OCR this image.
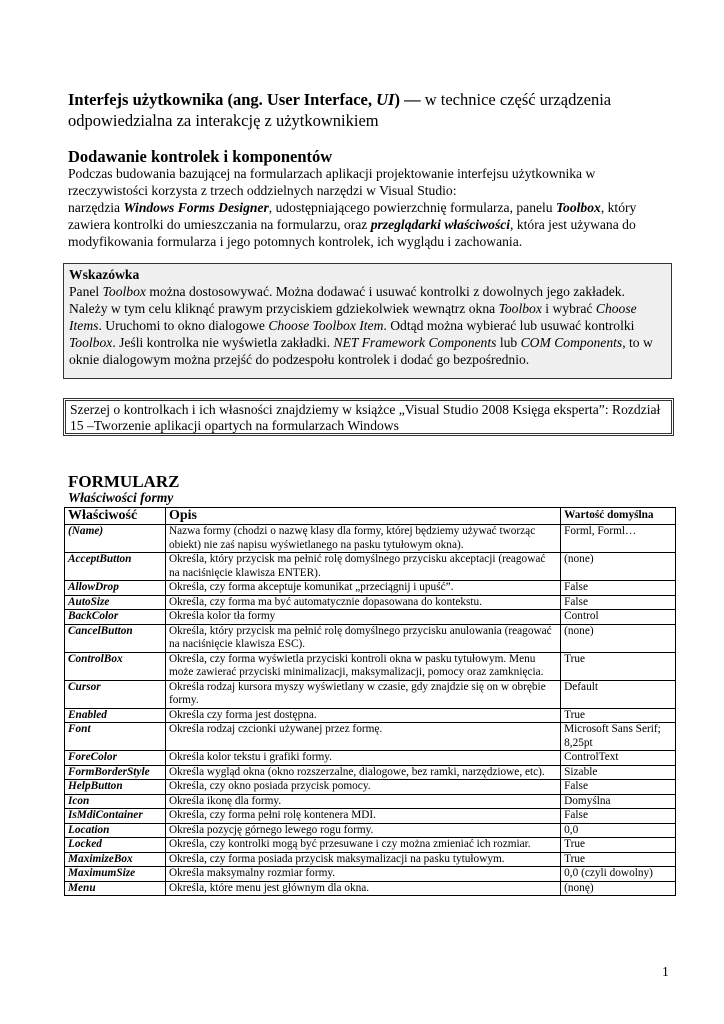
Interfejs użytkownika (ang. User Interface, UI) — w technice część urządzenia odpowiedzialna za interakcję z użytkownikiem
Dodawanie kontrolek i komponentów
Podczas budowania bazującej na formularzach aplikacji projektowanie interfejsu użytkownika w rzeczywistości korzysta z trzech oddzielnych narzędzi w Visual Studio:
narzędzia Windows Forms Designer, udostępniającego powierzchnię formularza, panelu Toolbox, który zawiera kontrolki do umieszczania na formularzu, oraz przeglądarki właściwości, która jest używana do modyfikowania formularza i jego potomnych kontrolek, ich wyglądu i zachowania.
Wskazówka
Panel Toolbox można dostosowywać. Można dodawać i usuwać kontrolki z dowolnych jego zakładek. Należy w tym celu kliknąć prawym przyciskiem gdziekolwiek wewnątrz okna Toolbox i wybrać Choose Items. Uruchomi to okno dialogowe Choose Toolbox Item. Odtąd można wybierać lub usuwać kontrolki Toolbox. Jeśli kontrolka nie wyświetla zakładki. NET Framework Components lub COM Components, to w oknie dialogowym można przejść do podzespołu kontrolek i dodać go bezpośrednio.
Szerzej o kontrolkach i ich własności znajdziemy w książce „Visual Studio 2008 Księga eksperta”: Rozdział 15 –Tworzenie aplikacji opartych na formularzach Windows
FORMULARZ
Właściwości formy
Właściwość	Opis	Wartość domyślna
(Name)	Nazwa formy (chodzi o nazwę klasy dla formy, której będziemy używać tworząc obiekt) nie zaś napisu wyświetlanego na pasku tytułowym okna).	Forml, Forml…
AcceptButton	Określa, który przycisk ma pełnić rolę domyślnego przycisku akceptacji (reagować na naciśnięcie klawisza ENTER).	(none)
AllowDrop	Określa, czy forma akceptuje komunikat „przeciągnij i upuść”.	False
AutoSize	Określa, czy forma ma być automatycznie dopasowana do kontekstu.	False
BackColor	Określa kolor tła formy	Control
CancelButton	Określa, który przycisk ma pełnić rolę domyślnego przycisku anulowania (reagować na naciśnięcie klawisza ESC).	(none)
ControlBox	Określa, czy forma wyświetla przyciski kontroli okna w pasku tytułowym. Menu może zawierać przyciski minimalizacji, maksymalizacji, pomocy oraz zamknięcia.	True
Cursor	Określa rodzaj kursora myszy wyświetlany w czasie, gdy znajdzie się on w obrębie formy.	Default
Enabled	Określa czy forma jest dostępna.	True
Font	Określa rodzaj czcionki używanej przez formę.	Microsoft Sans Serif; 8,25pt
ForeColor	Określa kolor tekstu i grafiki formy.	ControlText
FormBorderStyle	Określa wygląd okna (okno rozszerzalne, dialogowe, bez ramki, narzędziowe, etc).	Sizable
HelpButton	Określa, czy okno posiada przycisk pomocy.	False
Icon	Określa ikonę dla formy.	Domyślna
IsMdiContainer	Określa, czy forma pełni rolę kontenera MDI.	False
Location	Określa pozycję górnego lewego rogu formy.	0,0
Locked	Określa, czy kontrolki mogą być przesuwane i czy można zmieniać ich rozmiar.	True
MaximizeBox	Określa, czy forma posiada przycisk maksymalizacji na pasku tytułowym.	True
MaximumSize	Określa maksymalny rozmiar formy.	0,0 (czyli dowolny)
Menu	Określa, które menu jest głównym dla okna.	(nonę)
1
